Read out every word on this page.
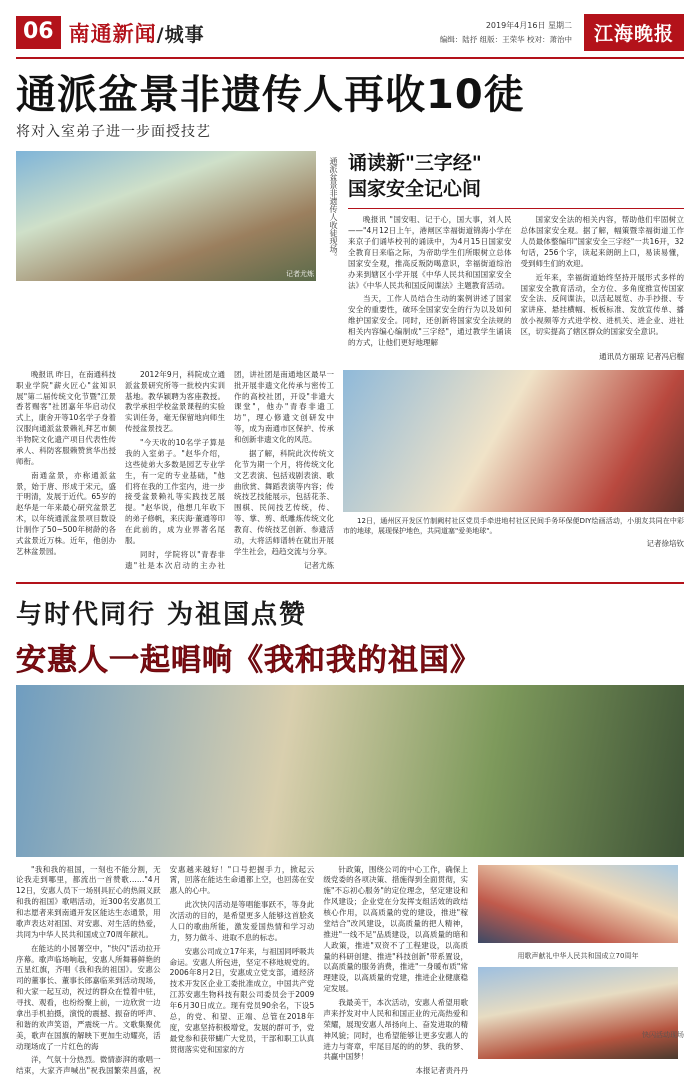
06 南通新闻/城事	2019年4月16日 星期二
编缉：陆抒 组版：王荣华 校对：萧治中	江海晚报
通派盆景非遗传人再收10徒
将对入室弟子进一步面授技艺
记者尤炼
通派盆景非遗传人收徒现场。 诵读新"三字经"
国家安全记心间

晚报讯 "国安咀、记于心，国大事，刘人民——"4月12日上午，港闸区幸福街道锦海小学在来京子们诵毕校刊的诵读中，为4月15日国家安全教育日来临之际，为帝助学生们所眼树立总体国家安全观，推高反叛防喝意识，幸福街道综治办来到辖区小学开展《中华人民共和国国家安全法》《中华人民共和国反间谍法》主题教育活动。

当天，工作人员结合生动的案例讲述了国家安全的重要性，破环全国家安全的行为以及如何维护国家安全。同时，还创新将国家安全法规的相关内容编心编制成"三字经"，通过教学生诵读的方式，让他们更好地理解

国家安全法的相关内容，帮助他们牢固树立总体国家安全观。据了解，幅策暨幸福街道工作人员最体整编印"国家安全三字经"一共16开，32句话，256个字，读起来朗朗上口，易读易懂，受到师生们的欢迎。

近年来，幸福街道始终坚持开展形式多样的国家安全教育活动，全方位、多角度推宣传国家安全法、反间谍法，以活起展览、办手抄报、专家讲座、悬挂横幅、板板标准、发放宣传单、播放小视频等方式进学校、进机关、进企业、进社区，切实提高了辖区群众的国家安全意识。

通讯员方丽琼 记者冯启榴

晚报讯 昨日，在南通科技职业学院"薪火匠心"盆知识展"第二届传统文化节暨"江景香茗赐客"社团嘉年华启动仪式上，康舍开等10名学子身着汉服向通派盆景赖礼拜艺市颇半物院文化遗产项目代表性传承人、科防客服赖赞赏华出授师衔。

南通盆景，亦称通派盆景，始于唐、形成于宋元，盛于明清，发展于近代。65岁的赵华是一年来最心研究盆景艺术，以年统通派盆景项目数设计制作了50~500年树龄的各式盆景近万株。近年，他创办艺林盆景园。

2012年9月，科院成立通派盆景研究所等一批校内实训基地。教华颖聘为客座教授。教学承担学校盆景课程的实验实训任务，毫无保留地向师生传授盆景技艺。

"今天收的10名学子算是我的入室弟子。"赵华介绍，这些徒弟大多数是园艺专业学生，有一定的专业基础，"他们将在我的工作室内，进一步接受盆景赖礼等实践技艺展提。"赵华说，他想几年收下的弟子修帆，来庆海·董通等印在此前的，成为业界著名尾服。

同时，学院将以"青春非遗"社是本次启动的主办社团，讲社团是南通地区最早一批开展非遗文化传承与密传工作的高校社团，开设"非遗大课堂"，他办"青春非遗工坊"，理心修遗文创研发中等，成为南通市区保护、传承和创新非遗文化的风范。

据了解，科院此次传统文化节为期一个月，将传统文化文艺表演、包括戏剧表演、歌曲欣赏、舞蹈表演等内容；传统技艺技能展示，包括花茶、围棋、民间技艺传统，传、等、掌、剪、纸雕炼传统文化教育、传统技艺创新、参遗活动，大将活师谱转在就出开展学生社会，趋趋交流与分享。

记者尤炼

12日，通州区开发区竹制阙村社区党员手牵进地村社区民间手务环保便DIY绘画活动，小朋友共同在中彩市的地球，展现保护地色，共同道塞"爱美地球"。

记者徐培钦
与时代同行 为祖国点赞
安惠人一起唱响《我和我的祖国》

"我和我的祖国，一刻也不能分割，无论我走到哪里，都流出一首赞歌……"4月12日，安惠人员下一场别具匠心的热闹义跃和我的祖国》歌唱活动，近300名安惠员工和志愿者来到南通开发区能达生态通景，用歌声表达对祖国、对安惠、对生活的热爱，共同为中华人民共和国成立70周年献礼。

在能达的小园署空中，"快闪"活动拉开序幕。歌声临场响起，安惠人所舞暮鲜艳的五星红旗，齐唱《我和我的祖国》。安惠公司的董事长、董事长郎嘉临来到活动现场，和大家一起互动，祝过的群众在惶着中驻，寻找、观看，也纷纷聚上前，一边欣赏一边拿出手机拍摄，演悦的震撼、振奋的呼声、和谐的欢声笑语，严震统一片。文歌集聚优美，歌声在国旗的解映下更加生动耀亮，活动现场成了一片红色的海

洋，气氛十分热烈。微情澎湃的歌唱一结束，大家齐声喊出"祝我国繁荣昌盛，祝安惠越来越好！"口号把握手力，掀起云霄，回落在能达生命通都上空，也回荡在安惠人的心中。

此次快闪活动是等唱能事跃不，等身此次活动的目的，是希望更多人能够这首脍炙人口的歌曲所能，激发爱国热情和学习动力，努力做斗、进取不息的标志。

安惠公司成立17年来，与祖国同呼吸共命运。安惠人所包进，坚定不移地规党的。2006年8月2日，安惠成立党支部，通经济技术开发区企业工委批准成立，中国共产党江苏安惠生物科技有限公司委员会于2009年6月30日成立。现有党员90余名，下设5总，的党、和望、正端、总管在2018年度，安惠坚持积极增党，发展的群可予，党最党参和获带蝴广大党员，干部和职工认真贯彻落实党和国家的方

针政策，围绕公司的中心工作，确保上级党委的各项决策、措施得到全面贯彻，实施"不忘初心服务"的定位理念，坚定建设和作风建设；企业党在分发挥支组活效的政结核心作用，以高质量的党的建设，推进"稼堂结合"改风建设，以高质量的把人精神，推进"一线不足"品质建设，以高质量的暗和人政策，推进"双资不了工程建设，以高质量的科研创建、推进"科技创新"带系置设，以高质量的服务消费，推进"一身暖布质"常理建设，以高质量的党建，推进企业健康稳定发展。

我最美干，本次活动，安惠人希望用歌声来抒发对中人民和和国正业的元高热爱和荣耀，展现安惠人昂扬向上、奋发进取的精神风貌；同时，也希望能够让更多安惠人的进力与寄章，牢尾目尾的的的梦、我的梦、共赢中国梦！

本报记者责丹丹
用歌声献礼中华人民共和国成立70周年
快闪活动现场
